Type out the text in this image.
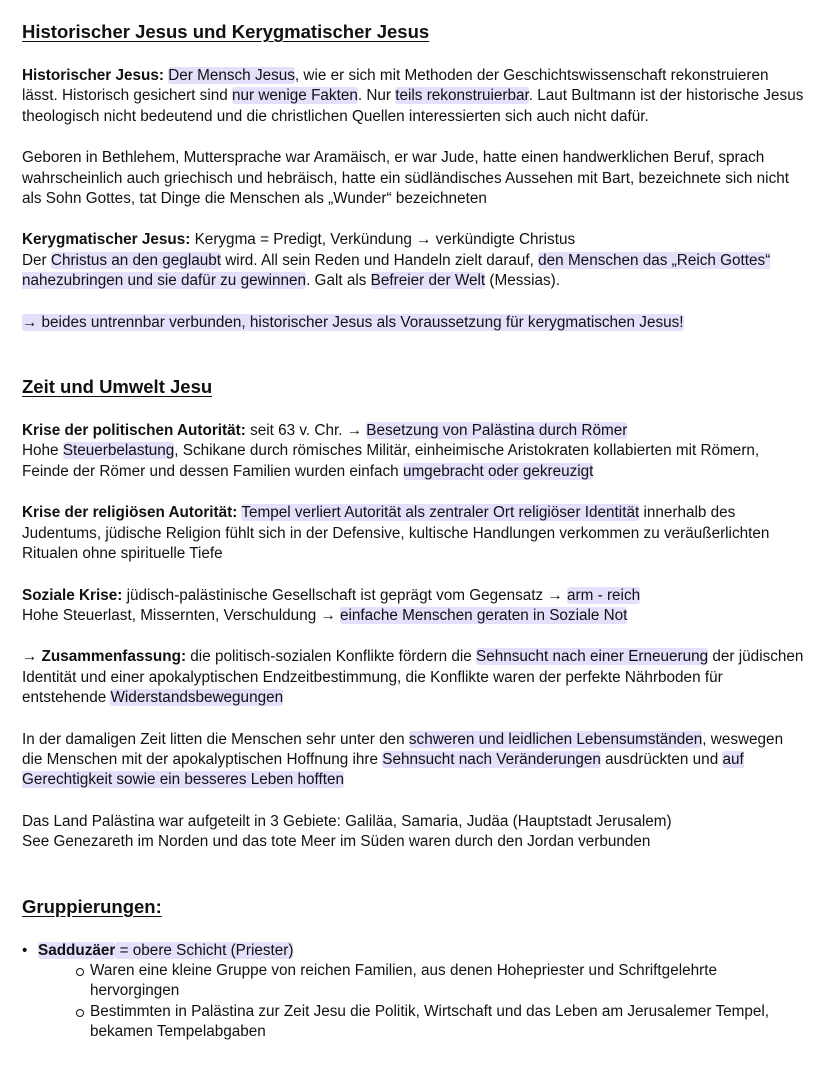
Historischer Jesus und Kerygmatischer Jesus

Historischer Jesus: Der Mensch Jesus, wie er sich mit Methoden der Geschichtswissenschaft rekonstruieren lässt. Historisch gesichert sind nur wenige Fakten. Nur teils rekonstruierbar. Laut Bultmann ist der historische Jesus theologisch nicht bedeutend und die christlichen Quellen interessierten sich auch nicht dafür.

Geboren in Bethlehem, Muttersprache war Aramäisch, er war Jude, hatte einen handwerklichen Beruf, sprach wahrscheinlich auch griechisch und hebräisch, hatte ein südländisches Aussehen mit Bart, bezeichnete sich nicht als Sohn Gottes, tat Dinge die Menschen als „Wunder“ bezeichneten

Kerygmatischer Jesus: Kerygma = Predigt, Verkündung → verkündigte Christus
Der Christus an den geglaubt wird. All sein Reden und Handeln zielt darauf, den Menschen das „Reich Gottes“ nahezubringen und sie dafür zu gewinnen. Galt als Befreier der Welt (Messias).

→ beides untrennbar verbunden, historischer Jesus als Voraussetzung für kerygmatischen Jesus!

Zeit und Umwelt Jesu

Krise der politischen Autorität: seit 63 v. Chr. → Besetzung von Palästina durch Römer
Hohe Steuerbelastung, Schikane durch römisches Militär, einheimische Aristokraten kollabierten mit Römern, Feinde der Römer und dessen Familien wurden einfach umgebracht oder gekreuzigt

Krise der religiösen Autorität: Tempel verliert Autorität als zentraler Ort religiöser Identität innerhalb des Judentums, jüdische Religion fühlt sich in der Defensive, kultische Handlungen verkommen zu veräußerlichten Ritualen ohne spirituelle Tiefe

Soziale Krise: jüdisch-palästinische Gesellschaft ist geprägt vom Gegensatz → arm - reich
Hohe Steuerlast, Missernten, Verschuldung → einfache Menschen geraten in Soziale Not

→ Zusammenfassung: die politisch-sozialen Konflikte fördern die Sehnsucht nach einer Erneuerung der jüdischen Identität und einer apokalyptischen Endzeitbestimmung, die Konflikte waren der perfekte Nährboden für entstehende Widerstandsbewegungen

In der damaligen Zeit litten die Menschen sehr unter den schweren und leidlichen Lebensumständen, weswegen die Menschen mit der apokalyptischen Hoffnung ihre Sehnsucht nach Veränderungen ausdrückten und auf Gerechtigkeit sowie ein besseres Leben hofften

Das Land Palästina war aufgeteilt in 3 Gebiete: Galiläa, Samaria, Judäa (Hauptstadt Jerusalem)
See Genezareth im Norden und das tote Meer im Süden waren durch den Jordan verbunden

Gruppierungen:
• Sadduzäer = obere Schicht (Priester)
Waren eine kleine Gruppe von reichen Familien, aus denen Hohepriester und Schriftgelehrte hervorgingen
Bestimmten in Palästina zur Zeit Jesu die Politik, Wirtschaft und das Leben am Jerusalemer Tempel, bekamen Tempelabgaben
